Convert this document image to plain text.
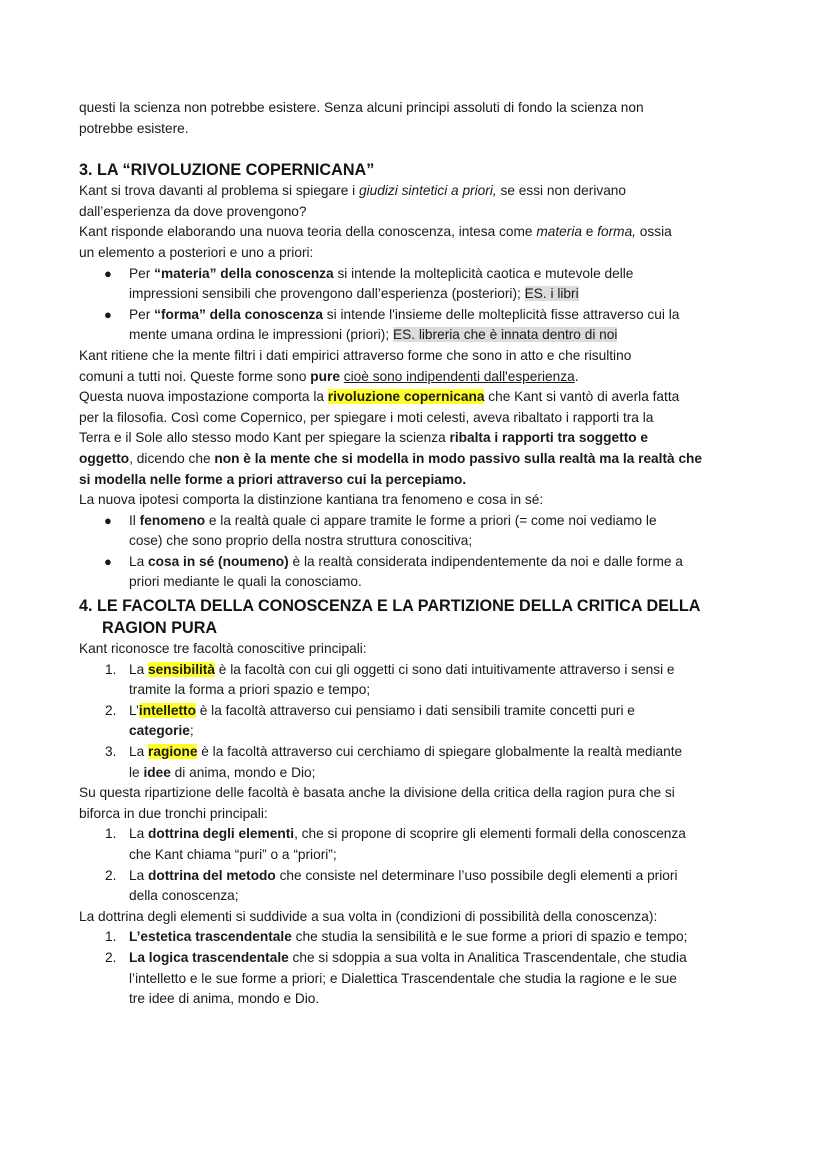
questi la scienza non potrebbe esistere. Senza alcuni principi assoluti di fondo la scienza non
potrebbe esistere.
3. LA “RIVOLUZIONE COPERNICANA”
Kant si trova davanti al problema si spiegare i giudizi sintetici a priori, se essi non derivano
dall’esperienza da dove provengono?
Kant risponde elaborando una nuova teoria della conoscenza, intesa come materia e forma, ossia
un elemento a posteriori e uno a priori:
● Per “materia” della conoscenza si intende la molteplicità caotica e mutevole delle
impressioni sensibili che provengono dall’esperienza (posteriori); ES. i libri
● Per “forma” della conoscenza si intende l'insieme delle molteplicità fisse attraverso cui la
mente umana ordina le impressioni (priori); ES. libreria che è innata dentro di noi
Kant ritiene che la mente filtri i dati empirici attraverso forme che sono in atto e che risultino
comuni a tutti noi. Queste forme sono pure cioè sono indipendenti dall'esperienza.
Questa nuova impostazione comporta la rivoluzione copernicana che Kant si vantò di averla fatta
per la filosofia. Così come Copernico, per spiegare i moti celesti, aveva ribaltato i rapporti tra la
Terra e il Sole allo stesso modo Kant per spiegare la scienza ribalta i rapporti tra soggetto e
oggetto, dicendo che non è la mente che si modella in modo passivo sulla realtà ma la realtà che
si modella nelle forme a priori attraverso cui la percepiamo.
La nuova ipotesi comporta la distinzione kantiana tra fenomeno e cosa in sé:
● Il fenomeno e la realtà quale ci appare tramite le forme a priori (= come noi vediamo le
cose) che sono proprio della nostra struttura conoscitiva;
● La cosa in sé (noumeno) è la realtà considerata indipendentemente da noi e dalle forme a
priori mediante le quali la conosciamo.
4. LE FACOLTA DELLA CONOSCENZA E LA PARTIZIONE DELLA CRITICA DELLA
RAGION PURA
Kant riconosce tre facoltà conoscitive principali:
1. La sensibilità è la facoltà con cui gli oggetti ci sono dati intuitivamente attraverso i sensi e
tramite la forma a priori spazio e tempo;
2. L’intelletto è la facoltà attraverso cui pensiamo i dati sensibili tramite concetti puri e
categorie;
3. La ragione è la facoltà attraverso cui cerchiamo di spiegare globalmente la realtà mediante
le idee di anima, mondo e Dio;
Su questa ripartizione delle facoltà è basata anche la divisione della critica della ragion pura che si
biforca in due tronchi principali:
1. La dottrina degli elementi, che si propone di scoprire gli elementi formali della conoscenza
che Kant chiama “puri” o a “priori”;
2. La dottrina del metodo che consiste nel determinare l’uso possibile degli elementi a priori
della conoscenza;
La dottrina degli elementi si suddivide a sua volta in (condizioni di possibilità della conoscenza):
1. L’estetica trascendentale che studia la sensibilità e le sue forme a priori di spazio e tempo;
2. La logica trascendentale che si sdoppia a sua volta in Analitica Trascendentale, che studia
l’intelletto e le sue forme a priori; e Dialettica Trascendentale che studia la ragione e le sue
tre idee di anima, mondo e Dio.
